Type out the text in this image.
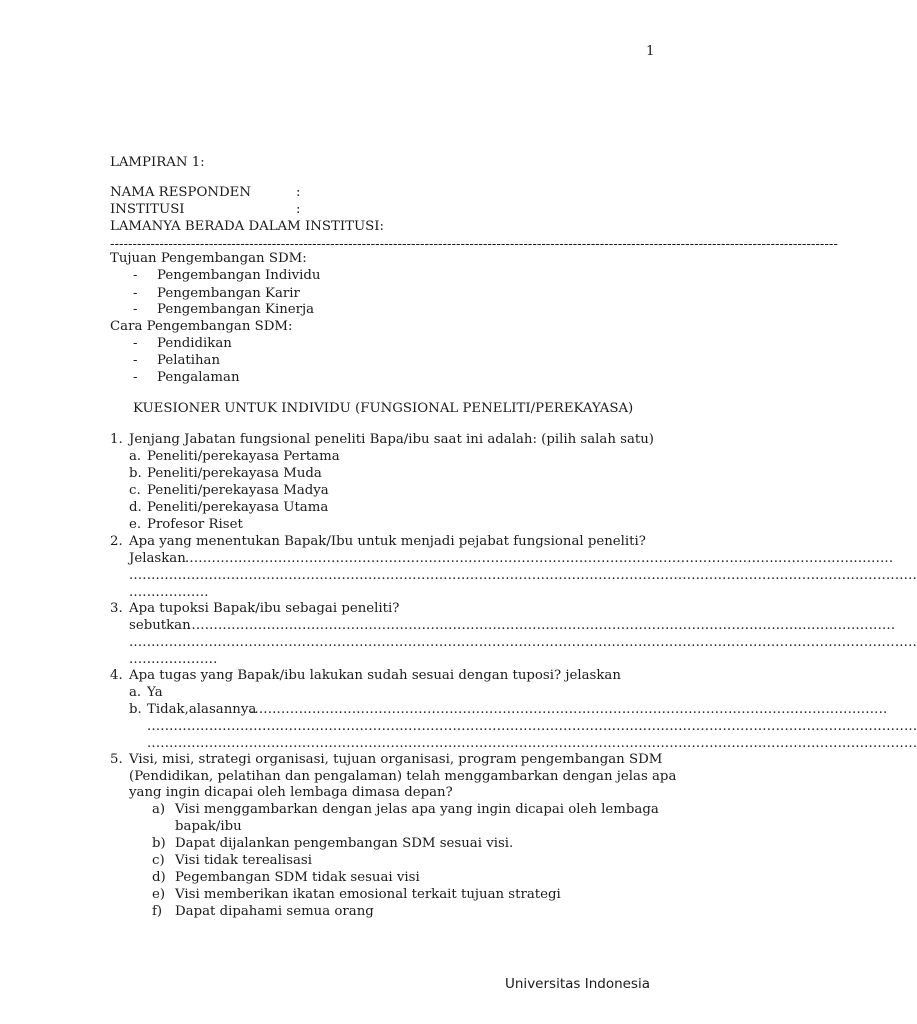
1
LAMPIRAN 1:
NAMA RESPONDEN	:
INSTITUSI	:
LAMANYA BERADA DALAM INSTITUSI:
------------------------------------------------------------------------------------------------------------------------------------------------------------------
Tujuan Pengembangan SDM:
- Pengembangan Individu
- Pengembangan Karir
- Pengembangan Kinerja
Cara Pengembangan SDM:
- Pendidikan
- Pelatihan
- Pengalaman
KUESIONER UNTUK INDIVIDU (FUNGSIONAL PENELITI/PEREKAYASA)
1. Jenjang Jabatan fungsional peneliti Bapa/ibu saat ini adalah: (pilih salah satu)
a. Peneliti/perekayasa Pertama
b. Peneliti/perekayasa Muda
c. Peneliti/perekayasa Madya
d. Peneliti/perekayasa Utama
e. Profesor Riset
2. Apa yang menentukan Bapak/Ibu untuk menjadi pejabat fungsional peneliti?
Jelaskan ................................................................................................................................................................
..................................................................................................................................................................................
..................
3. Apa tupoksi Bapak/ibu sebagai peneliti?
sebutkan
................................................................................................................................................................
..................................................................................................................................................................................
....................
4. Apa tugas yang Bapak/ibu lakukan sudah sesuai dengan tuposi? jelaskan
a. Ya
b. Tidak,alasannya
................................................................................................................................................
..............................................................................................................................................................................
..............................................................................................................................................................................
5. Visi, misi, strategi organisasi, tujuan organisasi, program pengembangan SDM
(Pendidikan, pelatihan dan pengalaman) telah menggambarkan dengan jelas apa
yang ingin dicapai oleh lembaga dimasa depan?
a) Visi menggambarkan dengan jelas apa yang ingin dicapai oleh lembaga
bapak/ibu
b) Dapat dijalankan pengembangan SDM sesuai visi.
c) Visi tidak terealisasi
d) Pegembangan SDM tidak sesuai visi
e) Visi memberikan ikatan emosional terkait tujuan strategi
f) Dapat dipahami semua orang
Universitas Indonesia
